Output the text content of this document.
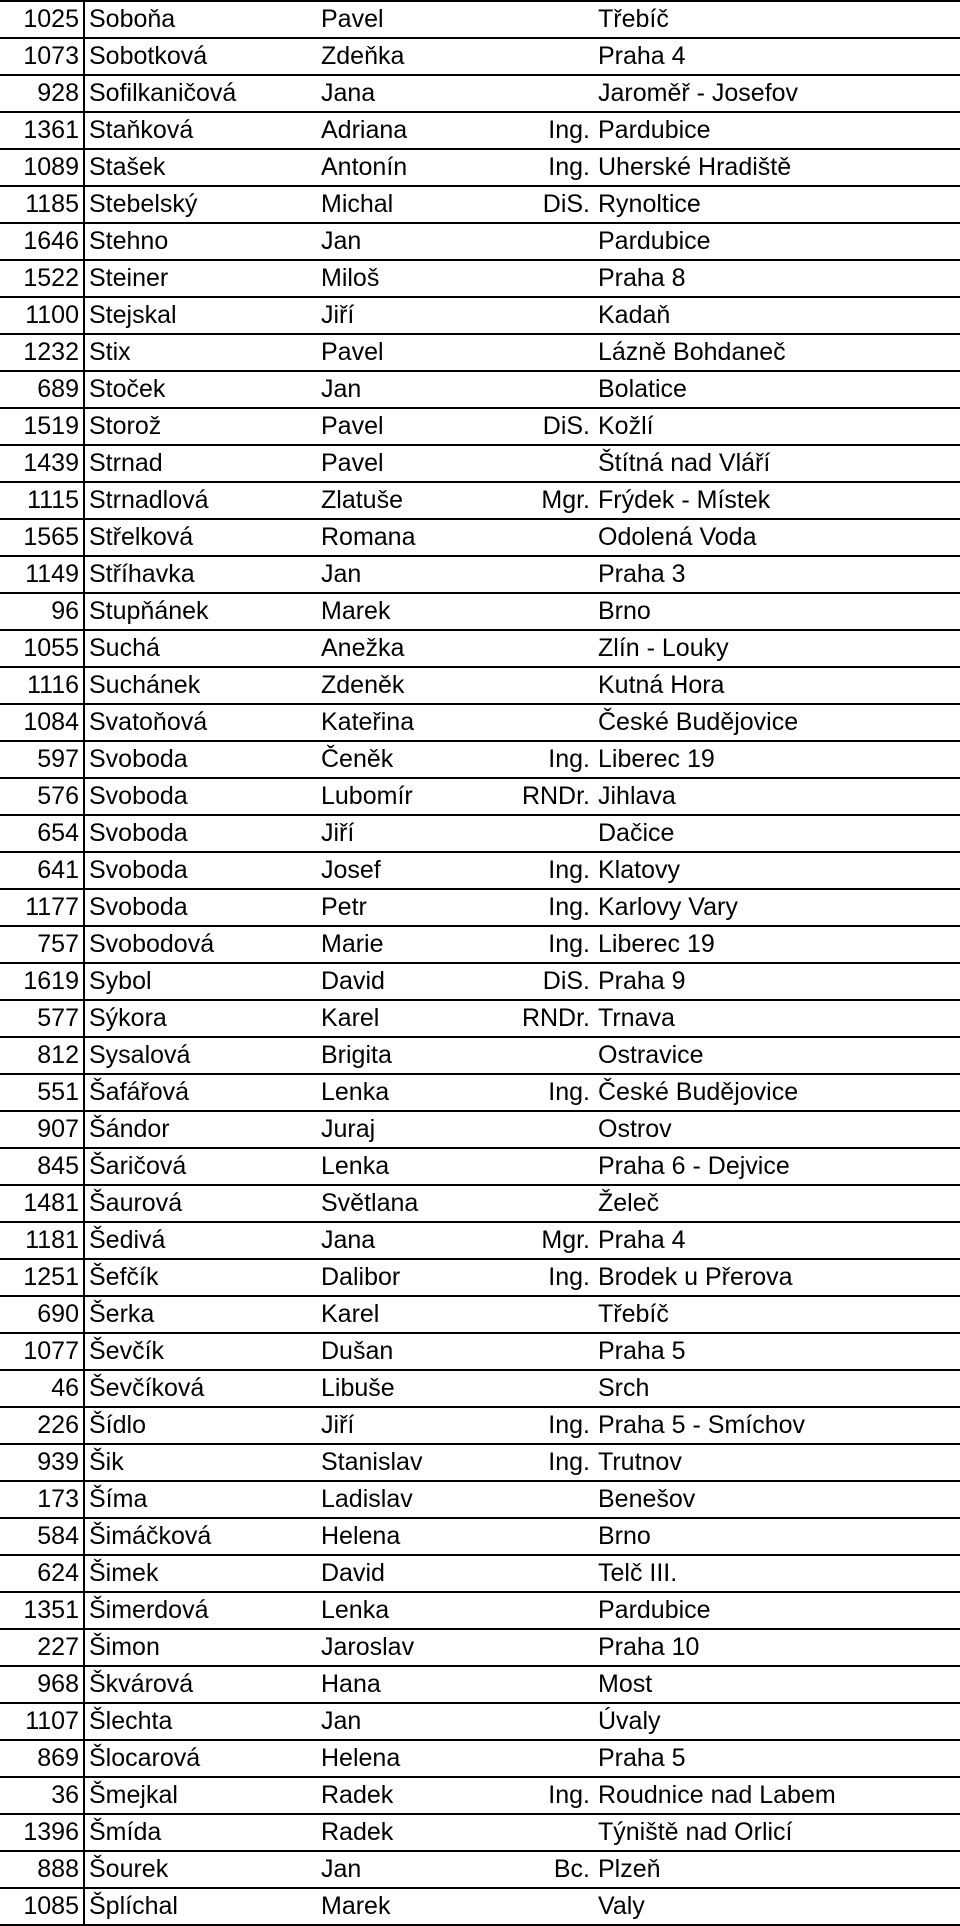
1025	Soboňa	Pavel		Třebíč
1073	Sobotková	Zdeňka		Praha 4
928	Sofilkaničová	Jana		Jaroměř - Josefov
1361	Staňková	Adriana	Ing.	Pardubice
1089	Stašek	Antonín	Ing.	Uherské Hradiště
1185	Stebelský	Michal	DiS.	Rynoltice
1646	Stehno	Jan		Pardubice
1522	Steiner	Miloš		Praha 8
1100	Stejskal	Jiří		Kadaň
1232	Stix	Pavel		Lázně Bohdaneč
689	Stoček	Jan		Bolatice
1519	Storož	Pavel	DiS.	Kožlí
1439	Strnad	Pavel		Štítná nad Vláří
1115	Strnadlová	Zlatuše	Mgr.	Frýdek - Místek
1565	Střelková	Romana		Odolená Voda
1149	Stříhavka	Jan		Praha 3
96	Stupňánek	Marek		Brno
1055	Suchá	Anežka		Zlín - Louky
1116	Suchánek	Zdeněk		Kutná Hora
1084	Svatoňová	Kateřina		České Budějovice
597	Svoboda	Čeněk	Ing.	Liberec 19
576	Svoboda	Lubomír	RNDr.	Jihlava
654	Svoboda	Jiří		Dačice
641	Svoboda	Josef	Ing.	Klatovy
1177	Svoboda	Petr	Ing.	Karlovy Vary
757	Svobodová	Marie	Ing.	Liberec 19
1619	Sybol	David	DiS.	Praha 9
577	Sýkora	Karel	RNDr.	Trnava
812	Sysalová	Brigita		Ostravice
551	Šafářová	Lenka	Ing.	České Budějovice
907	Šándor	Juraj		Ostrov
845	Šaričová	Lenka		Praha 6 - Dejvice
1481	Šaurová	Světlana		Želeč
1181	Šedivá	Jana	Mgr.	Praha 4
1251	Šefčík	Dalibor	Ing.	Brodek u Přerova
690	Šerka	Karel		Třebíč
1077	Ševčík	Dušan		Praha 5
46	Ševčíková	Libuše		Srch
226	Šídlo	Jiří	Ing.	Praha 5 - Smíchov
939	Šik	Stanislav	Ing.	Trutnov
173	Šíma	Ladislav		Benešov
584	Šimáčková	Helena		Brno
624	Šimek	David		Telč III.
1351	Šimerdová	Lenka		Pardubice
227	Šimon	Jaroslav		Praha 10
968	Škvárová	Hana		Most
1107	Šlechta	Jan		Úvaly
869	Šlocarová	Helena		Praha 5
36	Šmejkal	Radek	Ing.	Roudnice nad Labem
1396	Šmída	Radek		Týniště nad Orlicí
888	Šourek	Jan	Bc.	Plzeň
1085	Šplíchal	Marek		Valy
